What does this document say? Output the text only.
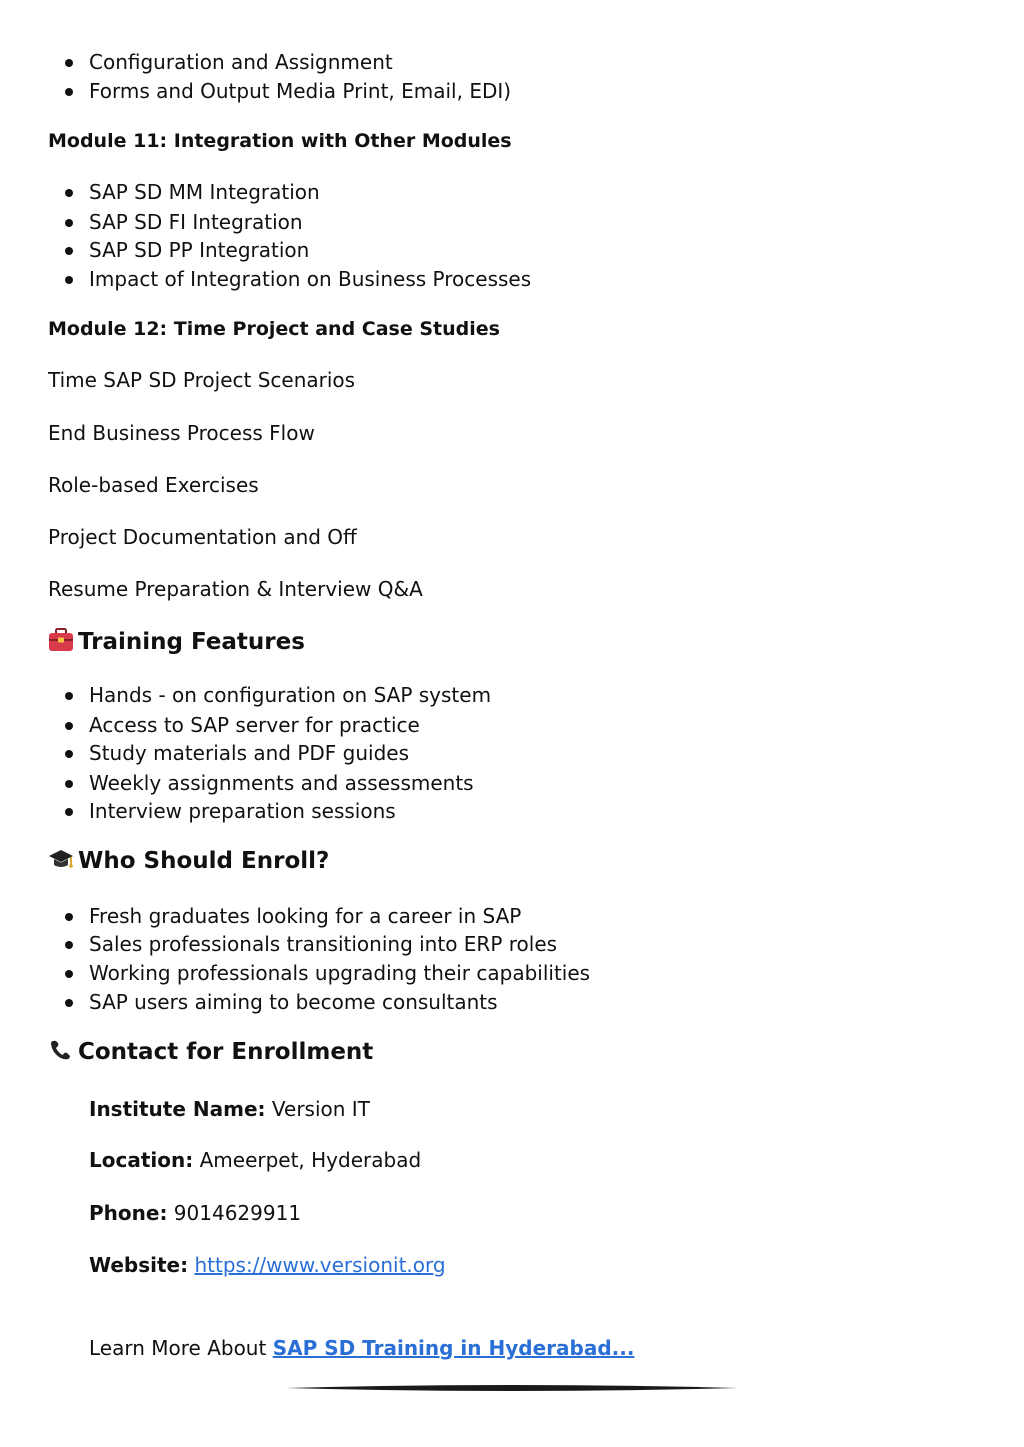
Configuration and Assignment
Forms and Output Media Print, Email, EDI)
Module 11: Integration with Other Modules
SAP SD MM Integration
SAP SD FI Integration
SAP SD PP Integration
Impact of Integration on Business Processes
Module 12: Time Project and Case Studies
Time SAP SD Project Scenarios
End Business Process Flow
Role-based Exercises
Project Documentation and Off
Resume Preparation & Interview Q&A
Training Features
Hands - on configuration on SAP system
Access to SAP server for practice
Study materials and PDF guides
Weekly assignments and assessments
Interview preparation sessions
Who Should Enroll?
Fresh graduates looking for a career in SAP
Sales professionals transitioning into ERP roles
Working professionals upgrading their capabilities
SAP users aiming to become consultants
Contact for Enrollment
Institute Name: Version IT
Location: Ameerpet, Hyderabad
Phone: 9014629911
Website: https://www.versionit.org
Learn More About SAP SD Training in Hyderabad...
